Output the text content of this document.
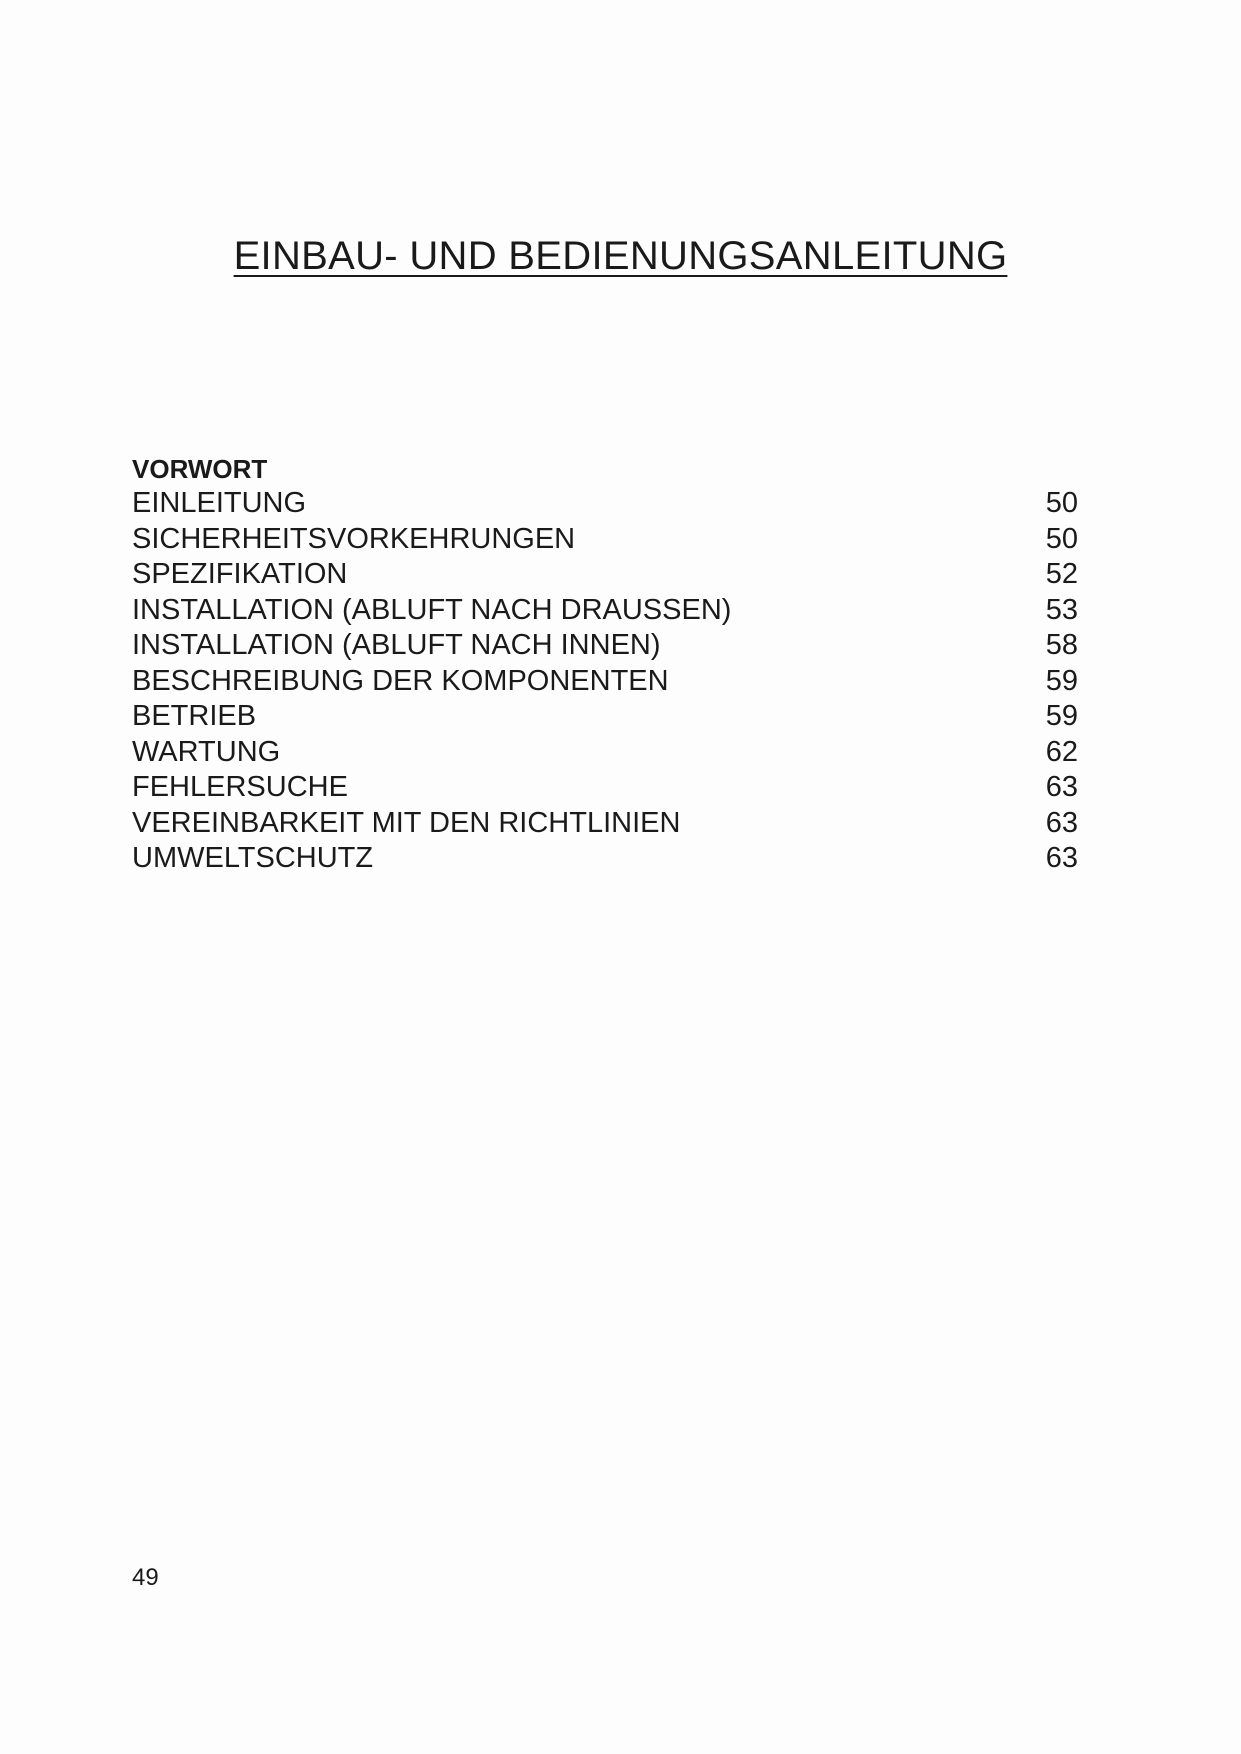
EINBAU- UND BEDIENUNGSANLEITUNG
VORWORT
EINLEITUNG	50
SICHERHEITSVORKEHRUNGEN	50
SPEZIFIKATION	52
INSTALLATION (ABLUFT NACH DRAUSSEN)	53
INSTALLATION (ABLUFT NACH INNEN)	58
BESCHREIBUNG DER KOMPONENTEN	59
BETRIEB	59
WARTUNG	62
FEHLERSUCHE	63
VEREINBARKEIT MIT DEN RICHTLINIEN	63
UMWELTSCHUTZ	63
49
